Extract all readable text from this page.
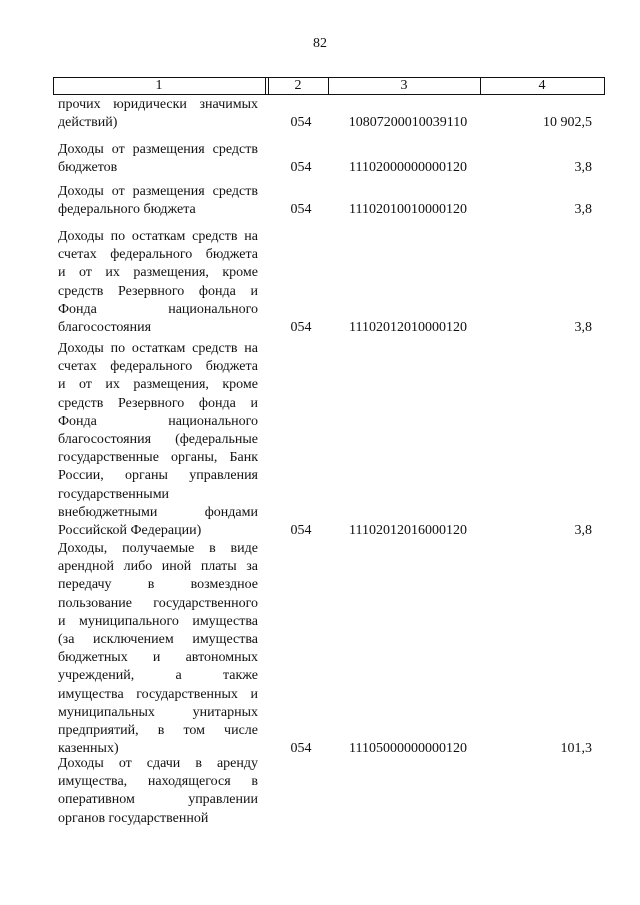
82
1	2	3	4
прочих юридически значимых
действий)	054	10807200010039110	10 902,5
Доходы от размещения средств
бюджетов	054	11102000000000120	3,8
Доходы от размещения средств
федерального бюджета	054	11102010010000120	3,8
Доходы по остаткам средств на
счетах федерального бюджета
и от их размещения, кроме
средств Резервного фонда и
Фонда национального
благосостояния	054	11102012010000120	3,8
Доходы по остаткам средств на
счетах федерального бюджета
и от их размещения, кроме
средств Резервного фонда и
Фонда национального
благосостояния (федеральные
государственные органы, Банк
России, органы управления
государственными
внебюджетными фондами
Российской Федерации)	054	11102012016000120	3,8
Доходы, получаемые в виде
арендной либо иной платы за
передачу в возмездное
пользование государственного
и муниципального имущества
(за исключением имущества
бюджетных и автономных
учреждений, а также
имущества государственных и
муниципальных унитарных
предприятий, в том числе
казенных)	054	11105000000000120	101,3
Доходы от сдачи в аренду
имущества, находящегося в
оперативном управлении
органов государственной
